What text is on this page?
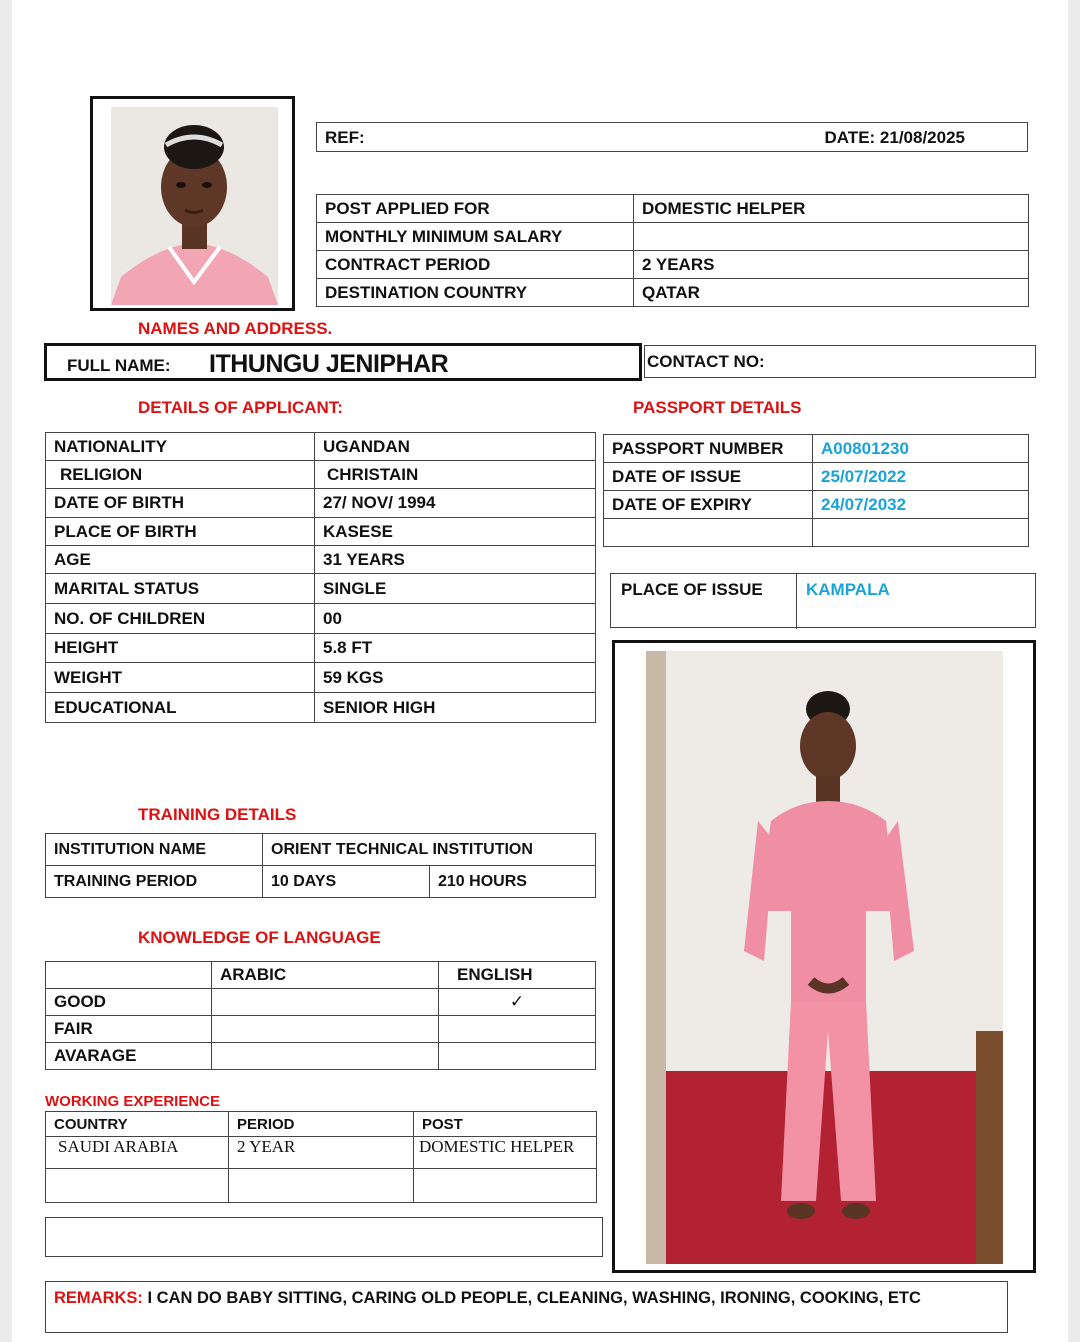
REF:	DATE: 21/08/2025
POST APPLIED FOR	DOMESTIC HELPER
MONTHLY MINIMUM SALARY	
CONTRACT PERIOD	2 YEARS
DESTINATION COUNTRY	QATAR
NAMES AND ADDRESS.
FULL NAME: ITHUNGU JENIPHAR	CONTACT NO:
DETAILS OF APPLICANT:	PASSPORT DETAILS
NATIONALITY	UGANDAN
RELIGION	CHRISTAIN
DATE OF BIRTH	27/ NOV/ 1994
PLACE OF BIRTH	KASESE
AGE	31 YEARS
MARITAL STATUS	SINGLE
NO. OF CHILDREN	00
HEIGHT	5.8 FT
WEIGHT	59 KGS
EDUCATIONAL	SENIOR HIGH
PASSPORT NUMBER	A00801230
DATE OF ISSUE	25/07/2022
DATE OF EXPIRY	24/07/2032

PLACE OF ISSUE	KAMPALA
TRAINING DETAILS
INSTITUTION NAME	ORIENT TECHNICAL INSTITUTION	
TRAINING PERIOD	10 DAYS	210 HOURS
KNOWLEDGE OF LANGUAGE
	ARABIC	ENGLISH
GOOD		✓
FAIR		
AVARAGE		
WORKING EXPERIENCE
COUNTRY	PERIOD	POST
SAUDI ARABIA	2 YEAR	DOMESTIC HELPER

REMARKS: I CAN DO BABY SITTING, CARING OLD PEOPLE, CLEANING, WASHING, IRONING, COOKING, ETC
